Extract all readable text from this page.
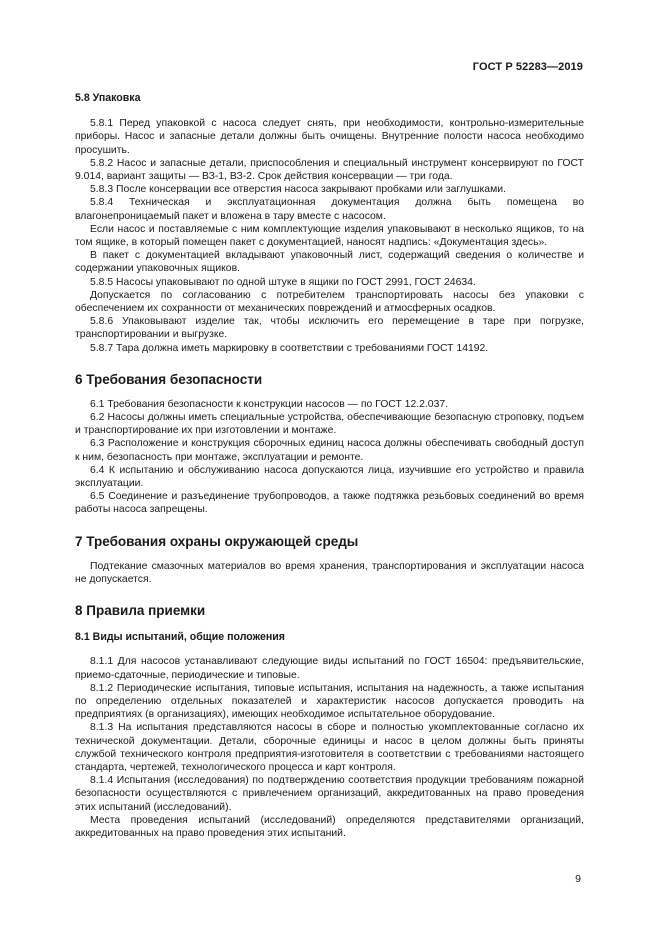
ГОСТ Р 52283—2019

5.8 Упаковка

5.8.1 Перед упаковкой с насоса следует снять, при необходимости, контрольно-измерительные приборы. Насос и запасные детали должны быть очищены. Внутренние полости насоса необходимо просушить.

5.8.2 Насос и запасные детали, приспособления и специальный инструмент консервируют по ГОСТ 9.014, вариант защиты — ВЗ-1, ВЗ-2. Срок действия консервации — три года.

5.8.3 После консервации все отверстия насоса закрывают пробками или заглушками.

5.8.4 Техническая и эксплуатационная документация должна быть помещена во влагонепроницаемый пакет и вложена в тару вместе с насосом.

Если насос и поставляемые с ним комплектующие изделия упаковывают в несколько ящиков, то на том ящике, в который помещен пакет с документацией, наносят надпись: «Документация здесь».

В пакет с документацией вкладывают упаковочный лист, содержащий сведения о количестве и содержании упаковочных ящиков.

5.8.5 Насосы упаковывают по одной штуке в ящики по ГОСТ 2991, ГОСТ 24634.

Допускается по согласованию с потребителем транспортировать насосы без упаковки с обеспечением их сохранности от механических повреждений и атмосферных осадков.

5.8.6 Упаковывают изделие так, чтобы исключить его перемещение в таре при погрузке, транспортировании и выгрузке.

5.8.7 Тара должна иметь маркировку в соответствии с требованиями ГОСТ 14192.

6 Требования безопасности

6.1 Требования безопасности к конструкции насосов — по ГОСТ 12.2.037.

6.2 Насосы должны иметь специальные устройства, обеспечивающие безопасную строповку, подъем и транспортирование их при изготовлении и монтаже.

6.3 Расположение и конструкция сборочных единиц насоса должны обеспечивать свободный доступ к ним, безопасность при монтаже, эксплуатации и ремонте.

6.4 К испытанию и обслуживанию насоса допускаются лица, изучившие его устройство и правила эксплуатации.

6.5 Соединение и разъединение трубопроводов, а также подтяжка резьбовых соединений во время работы насоса запрещены.

7 Требования охраны окружающей среды

Подтекание смазочных материалов во время хранения, транспортирования и эксплуатации насоса не допускается.

8 Правила приемки

8.1 Виды испытаний, общие положения

8.1.1 Для насосов устанавливают следующие виды испытаний по ГОСТ 16504: предъявительские, приемо-сдаточные, периодические и типовые.

8.1.2 Периодические испытания, типовые испытания, испытания на надежность, а также испытания по определению отдельных показателей и характеристик насосов допускается проводить на предприятиях (в организациях), имеющих необходимое испытательное оборудование.

8.1.3 На испытания представляются насосы в сборе и полностью укомплектованные согласно их технической документации. Детали, сборочные единицы и насос в целом должны быть приняты службой технического контроля предприятия-изготовителя в соответствии с требованиями настоящего стандарта, чертежей, технологического процесса и карт контроля.

8.1.4 Испытания (исследования) по подтверждению соответствия продукции требованиям пожарной безопасности осуществляются с привлечением организаций, аккредитованных на право проведения этих испытаний (исследований).

Места проведения испытаний (исследований) определяются представителями организаций, аккредитованных на право проведения этих испытаний.

9
